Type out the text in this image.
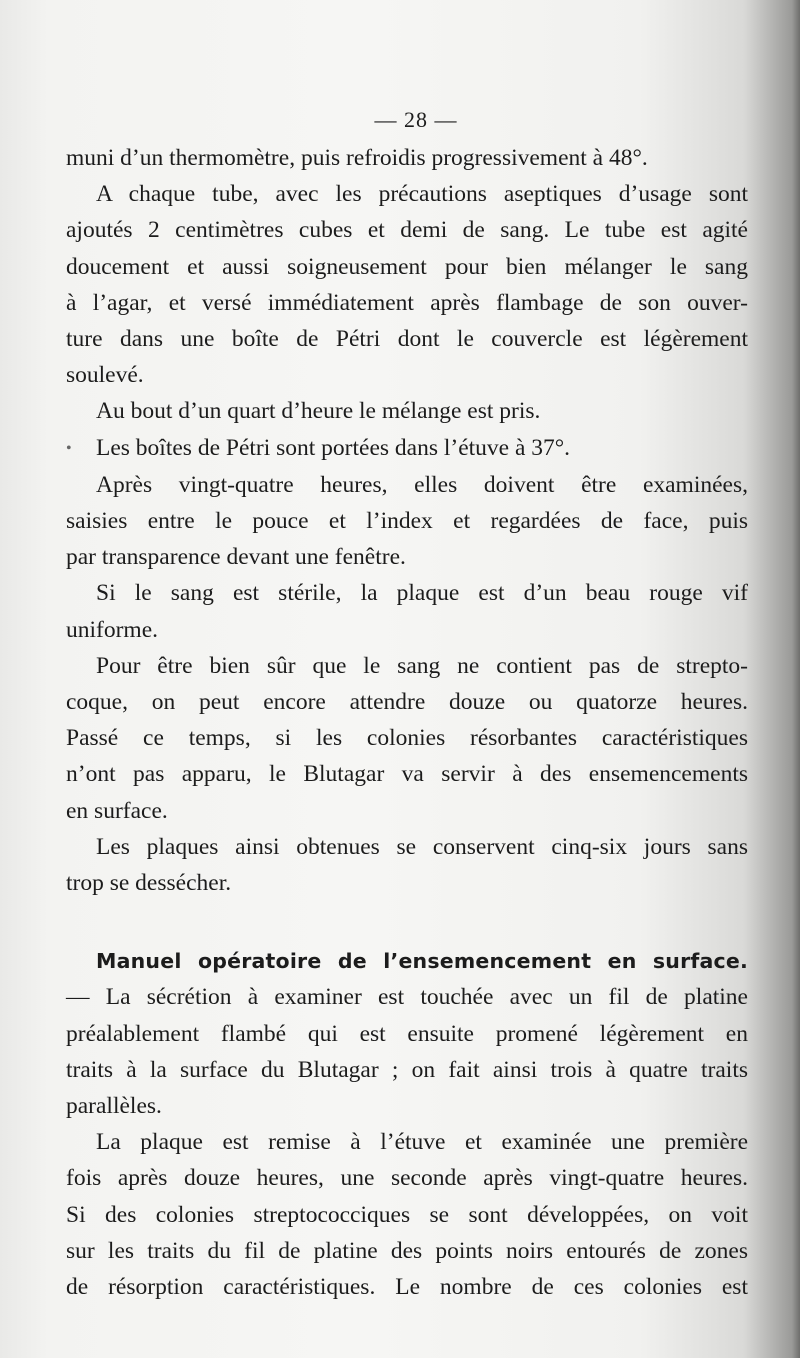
— 28 —
muni d’un thermomètre, puis refroidis progressivement à 48°.
A chaque tube, avec les précautions aseptiques d’usage sont
ajoutés 2 centimètres cubes et demi de sang. Le tube est agité
doucement et aussi soigneusement pour bien mélanger le sang
à l’agar, et versé immédiatement après flambage de son ouver-
ture dans une boîte de Pétri dont le couvercle est légèrement
soulevé.
Au bout d’un quart d’heure le mélange est pris.
• Les boîtes de Pétri sont portées dans l’étuve à 37°.
Après vingt-quatre heures, elles doivent être examinées,
saisies entre le pouce et l’index et regardées de face, puis
par transparence devant une fenêtre.
Si le sang est stérile, la plaque est d’un beau rouge vif
uniforme.
Pour être bien sûr que le sang ne contient pas de strepto-
coque, on peut encore attendre douze ou quatorze heures.
Passé ce temps, si les colonies résorbantes caractéristiques
n’ont pas apparu, le Blutagar va servir à des ensemencements
en surface.
Les plaques ainsi obtenues se conservent cinq-six jours sans
trop se dessécher.
Manuel opératoire de l’ensemencement en surface.
— La sécrétion à examiner est touchée avec un fil de platine
préalablement flambé qui est ensuite promené légèrement en
traits à la surface du Blutagar ; on fait ainsi trois à quatre traits
parallèles.
La plaque est remise à l’étuve et examinée une première
fois après douze heures, une seconde après vingt-quatre heures.
Si des colonies streptococciques se sont développées, on voit
sur les traits du fil de platine des points noirs entourés de zones
de résorption caractéristiques. Le nombre de ces colonies est
